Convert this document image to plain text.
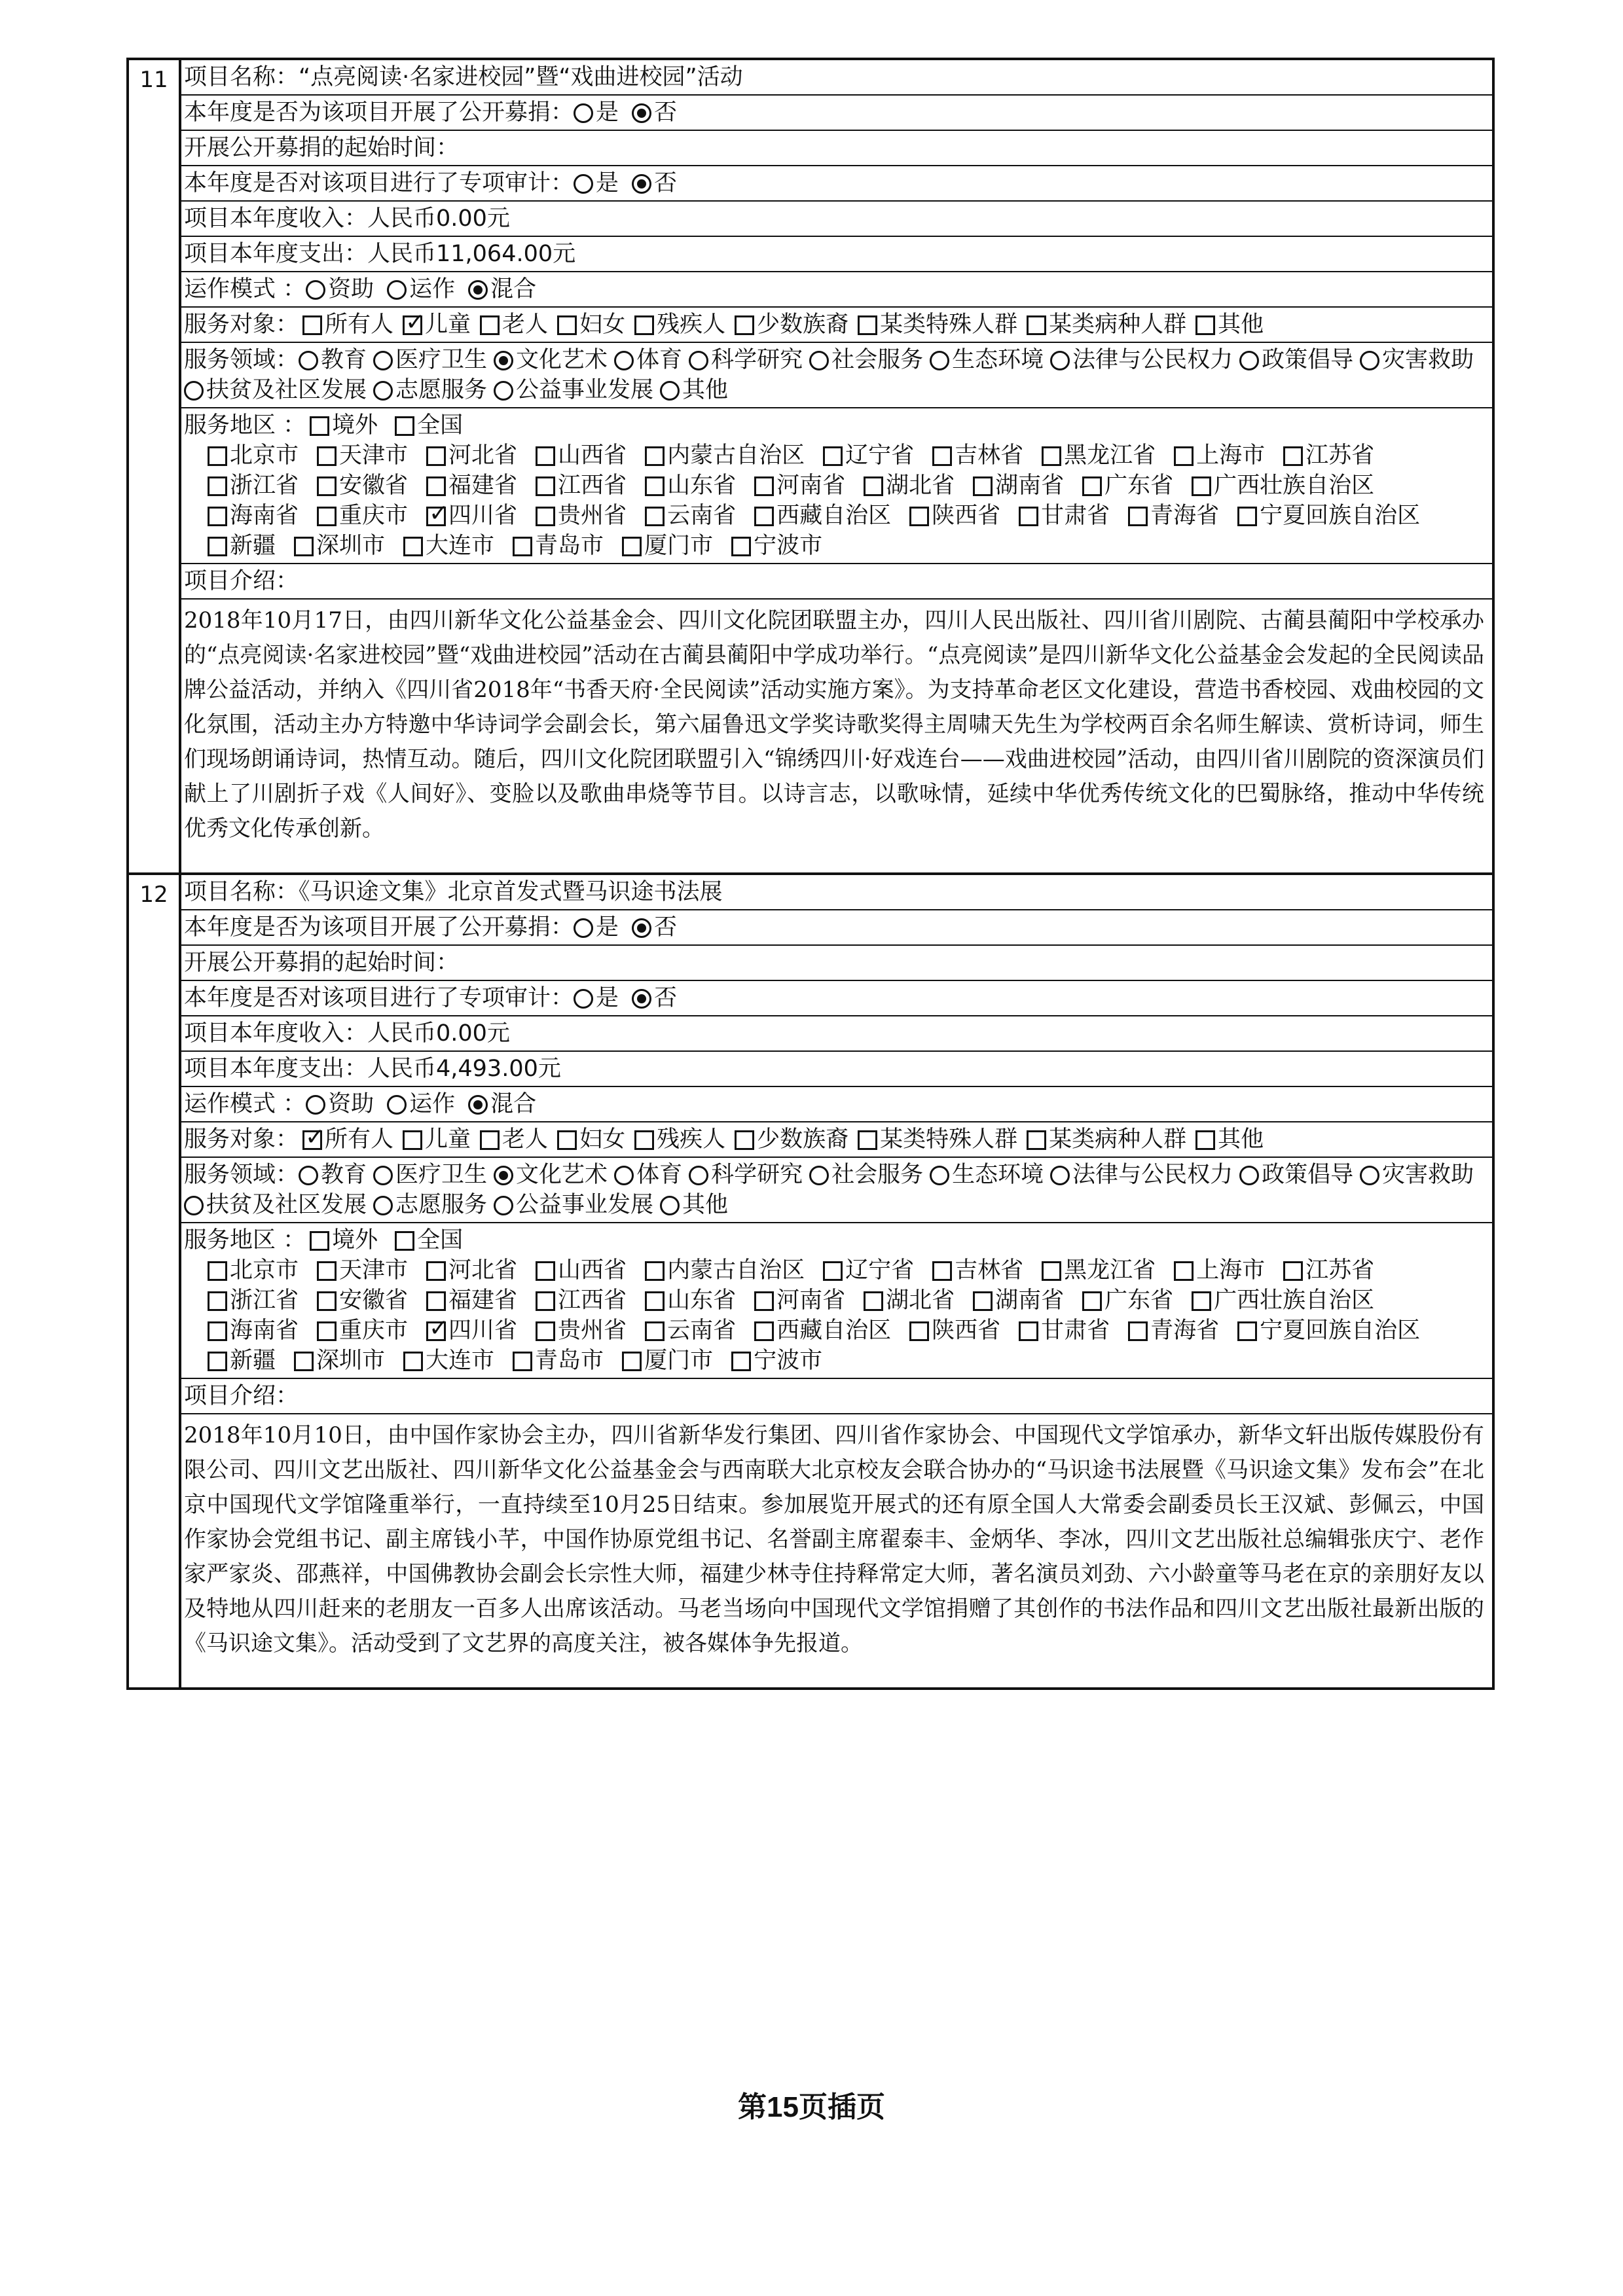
11 项目名称：“点亮阅读·名家进校园”暨“戏曲进校园”活动
本年度是否为该项目开展了公开募捐： 是 否
开展公开募捐的起始时间：
本年度是否对该项目进行了专项审计： 是 否
项目本年度收入：人民币0.00元
项目本年度支出：人民币11,064.00元
运作模式 ： 资助 运作 混合
服务对象： 所有人 ✓ 儿童 老人 妇女 残疾人 少数族裔 某类特殊人群 某类病种人群 其他
服务领域： 教育 医疗卫生 文化艺术 体育 科学研究 社会服务 生态环境 法律与公民权力 政策倡导 灾害救助扶贫及社区发展 志愿服务 公益事业发展 其他
服务地区 ： 境外 全国
北京市 天津市 河北省 山西省 内蒙古自治区 辽宁省 吉林省 黑龙江省 上海市 江苏省浙江省 安徽省 福建省 江西省 山东省 河南省 湖北省 湖南省 广东省 广西壮族自治区海南省 重庆市 ✓ 四川省 贵州省 云南省 西藏自治区 陕西省 甘肃省 青海省 宁夏回族自治区新疆 深圳市 大连市 青岛市 厦门市 宁波市
项目介绍：
2018年10月17日，由四川新华文化公益基金会、四川文化院团联盟主办，四川人民出版社、四川省川剧院、古蔺县蔺阳中学校承办的“点亮阅读·名家进校园”暨“戏曲进校园”活动在古蔺县蔺阳中学成功举行。“点亮阅读”是四川新华文化公益基金会发起的全民阅读品牌公益活动，并纳入《四川省2018年“书香天府·全民阅读”活动实施方案》。为支持革命老区文化建设，营造书香校园、戏曲校园的文化氛围，活动主办方特邀中华诗词学会副会长，第六届鲁迅文学奖诗歌奖得主周啸天先生为学校两百余名师生解读、赏析诗词，师生们现场朗诵诗词，热情互动。随后，四川文化院团联盟引入“锦绣四川·好戏连台——戏曲进校园”活动，由四川省川剧院的资深演员们献上了川剧折子戏《人间好》、变脸以及歌曲串烧等节目。以诗言志，以歌咏情，延续中华优秀传统文化的巴蜀脉络，推动中华传统优秀文化传承创新。
12 项目名称：《马识途文集》北京首发式暨马识途书法展
本年度是否为该项目开展了公开募捐： 是 否
开展公开募捐的起始时间：
本年度是否对该项目进行了专项审计： 是 否
项目本年度收入：人民币0.00元
项目本年度支出：人民币4,493.00元
运作模式 ： 资助 运作 混合
服务对象： ✓ 所有人 儿童 老人 妇女 残疾人 少数族裔 某类特殊人群 某类病种人群 其他
服务领域： 教育 医疗卫生 文化艺术 体育 科学研究 社会服务 生态环境 法律与公民权力 政策倡导 灾害救助扶贫及社区发展 志愿服务 公益事业发展 其他
服务地区 ： 境外 全国
北京市 天津市 河北省 山西省 内蒙古自治区 辽宁省 吉林省 黑龙江省 上海市 江苏省浙江省 安徽省 福建省 江西省 山东省 河南省 湖北省 湖南省 广东省 广西壮族自治区海南省 重庆市 ✓ 四川省 贵州省 云南省 西藏自治区 陕西省 甘肃省 青海省 宁夏回族自治区新疆 深圳市 大连市 青岛市 厦门市 宁波市
项目介绍：
2018年10月10日，由中国作家协会主办，四川省新华发行集团、四川省作家协会、中国现代文学馆承办，新华文轩出版传媒股份有限公司、四川文艺出版社、四川新华文化公益基金会与西南联大北京校友会联合协办的“马识途书法展暨《马识途文集》发布会”在北京中国现代文学馆隆重举行，一直持续至10月25日结束。参加展览开展式的还有原全国人大常委会副委员长王汉斌、彭佩云，中国作家协会党组书记、副主席钱小芊，中国作协原党组书记、名誉副主席翟泰丰、金炳华、李冰，四川文艺出版社总编辑张庆宁、老作家严家炎、邵燕祥，中国佛教协会副会长宗性大师，福建少林寺住持释常定大师，著名演员刘劲、六小龄童等马老在京的亲朋好友以及特地从四川赶来的老朋友一百多人出席该活动。马老当场向中国现代文学馆捐赠了其创作的书法作品和四川文艺出版社最新出版的《马识途文集》。活动受到了文艺界的高度关注，被各媒体争先报道。
第15页插页
